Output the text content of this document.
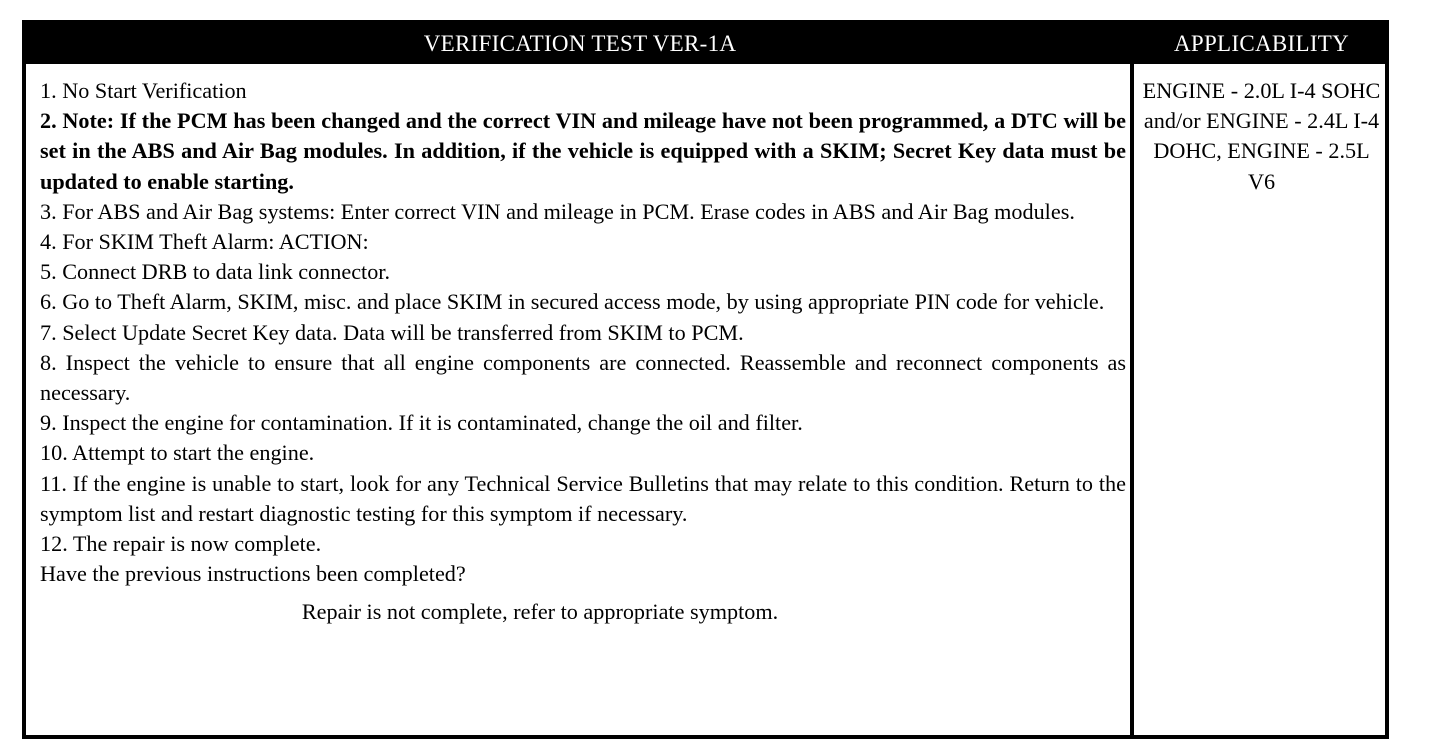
VERIFICATION TEST VER-1A	APPLICABILITY
1. No Start Verification
2. Note: If the PCM has been changed and the correct VIN and mileage have not been programmed, a DTC will be set in the ABS and Air Bag modules. In addition, if the vehicle is equipped with a SKIM; Secret Key data must be updated to enable starting.
3. For ABS and Air Bag systems: Enter correct VIN and mileage in PCM. Erase codes in ABS and Air Bag modules.
4. For SKIM Theft Alarm: ACTION:
5. Connect DRB to data link connector.
6. Go to Theft Alarm, SKIM, misc. and place SKIM in secured access mode, by using appropriate PIN code for vehicle.
7. Select Update Secret Key data. Data will be transferred from SKIM to PCM.
8. Inspect the vehicle to ensure that all engine components are connected. Reassemble and reconnect components as necessary.
9. Inspect the engine for contamination. If it is contaminated, change the oil and filter.
10. Attempt to start the engine.
11. If the engine is unable to start, look for any Technical Service Bulletins that may relate to this condition. Return to the symptom list and restart diagnostic testing for this symptom if necessary.
12. The repair is now complete.
Have the previous instructions been completed?
Repair is not complete, refer to appropriate symptom.
ENGINE - 2.0L I-4 SOHC and/or ENGINE - 2.4L I-4 DOHC, ENGINE - 2.5L V6
